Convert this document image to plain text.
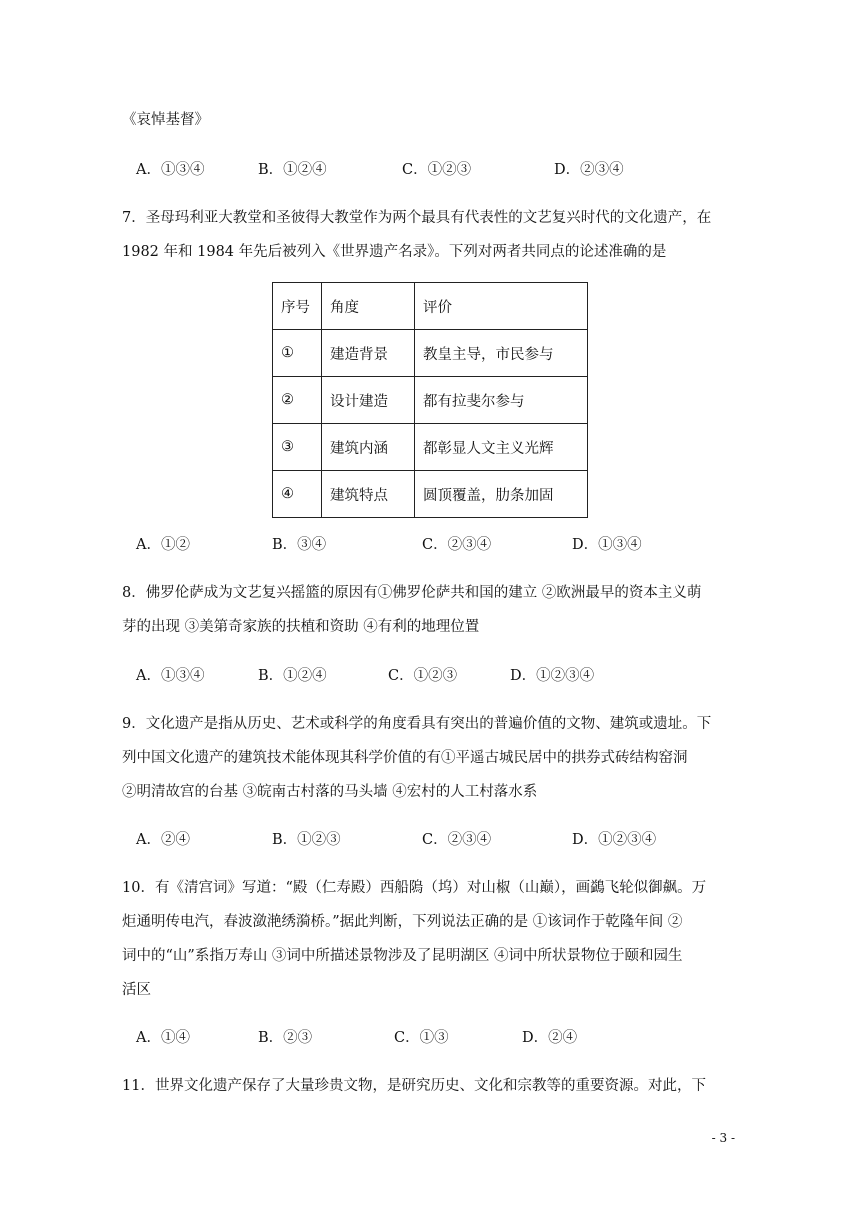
《哀悼基督》
A．①③④	B．①②④	C．①②③	D．②③④
7．圣母玛利亚大教堂和圣彼得大教堂作为两个最具有代表性的文艺复兴时代的文化遗产，在
1982 年和 1984 年先后被列入《世界遗产名录》。下列对两者共同点的论述准确的是
序号	角度	评价
①	建造背景	教皇主导，市民参与
②	设计建造	都有拉斐尔参与
③	建筑内涵	都彰显人文主义光辉
④	建筑特点	圆顶覆盖，肋条加固
A．①②	B．③④	C．②③④	D．①③④
8．佛罗伦萨成为文艺复兴摇篮的原因有①佛罗伦萨共和国的建立 ②欧洲最早的资本主义萌
芽的出现 ③美第奇家族的扶植和资助 ④有利的地理位置
A．①③④	B．①②④	C．①②③	D．①②③④
9．文化遗产是指从历史、艺术或科学的角度看具有突出的普遍价值的文物、建筑或遗址。下
列中国文化遗产的建筑技术能体现其科学价值的有①平遥古城民居中的拱券式砖结构窑洞
②明清故宫的台基 ③皖南古村落的马头墙 ④宏村的人工村落水系
A．②④	B．①②③	C．②③④	D．①②③④
10．有《清宫词》写道：“殿（仁寿殿）西船隖（坞）对山椒（山巅），画鷁飞轮似御飙。万
炬通明传电汽，春波潋滟绣漪桥。”据此判断，下列说法正确的是 ①该词作于乾隆年间 ②
词中的“山”系指万寿山 ③词中所描述景物涉及了昆明湖区 ④词中所状景物位于颐和园生
活区
A．①④	B．②③	C．①③	D．②④
11．世界文化遗产保存了大量珍贵文物，是研究历史、文化和宗教等的重要资源。对此，下
- 3 -
